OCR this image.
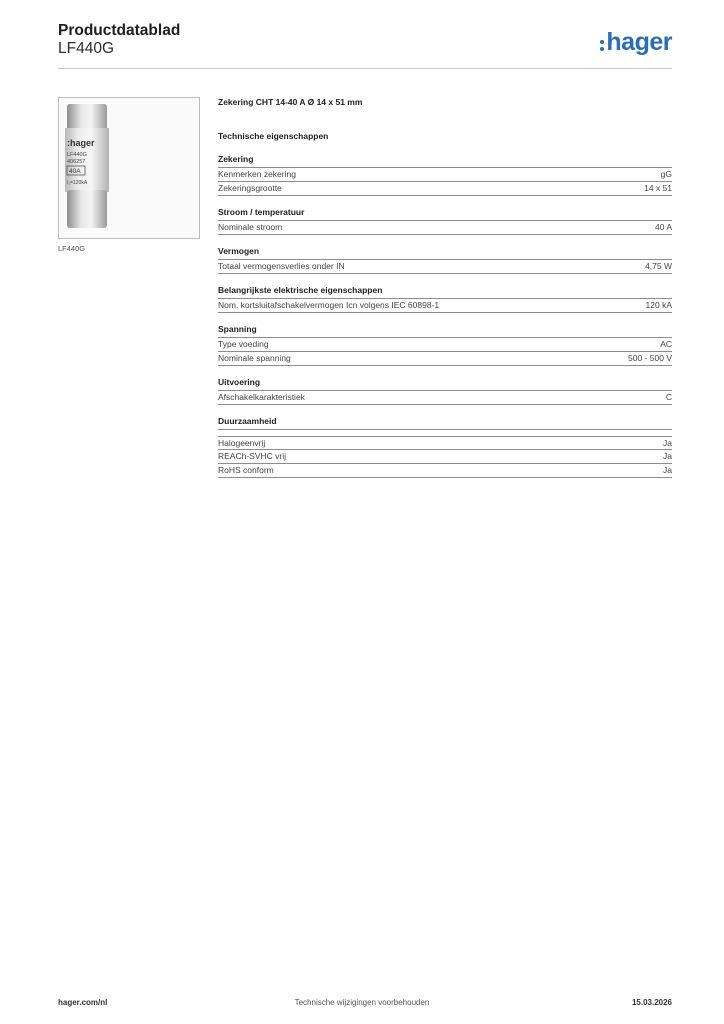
Productdatablad
LF440G	hager
:hager
LF440G
406257
40A
I₁=120kA
LF440G
Zekering CHT 14-40 A Ø 14 x 51 mm
Technische eigenschappen
Zekering
Kenmerken zekering	gG
Zekeringsgrootte	14 x 51
Stroom / temperatuur
Nominale stroom	40 A
Vermogen
Totaal vermogensverlies onder IN	4,75 W
Belangrijkste elektrische eigenschappen
Nom. kortsluitafschakelvermogen Icn volgens IEC 60898-1	120 kA
Spanning
Type voeding	AC
Nominale spanning	500 - 500 V
Uitvoering
Afschakelkarakteristiek	C
Duurzaamheid
Halogeenvrij	Ja
REACh-SVHC vrij	Ja
RoHS conform	Ja
hager.com/nl	Technische wijzigingen voorbehouden	15.03.2026
